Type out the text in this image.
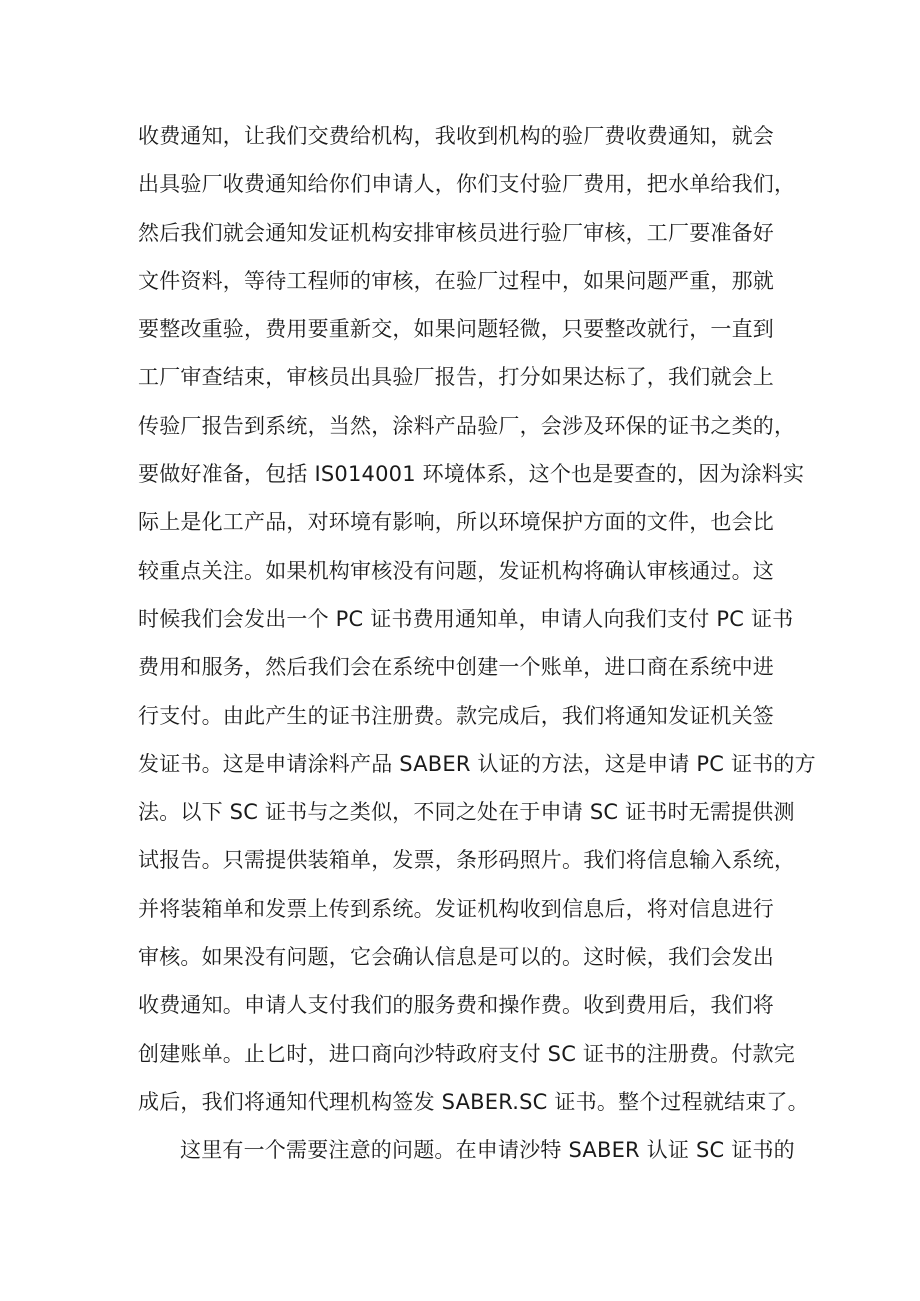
收费通知，让我们交费给机构，我收到机构的验厂费收费通知，就会
出具验厂收费通知给你们申请人，你们支付验厂费用，把水单给我们，
然后我们就会通知发证机构安排审核员进行验厂审核，工厂要准备好
文件资料，等待工程师的审核，在验厂过程中，如果问题严重，那就
要整改重验，费用要重新交，如果问题轻微，只要整改就行，一直到
工厂审查结束，审核员出具验厂报告，打分如果达标了，我们就会上
传验厂报告到系统，当然，涂料产品验厂，会涉及环保的证书之类的，
要做好准备，包括 IS014001 环境体系，这个也是要查的，因为涂料实
际上是化工产品，对环境有影响，所以环境保护方面的文件，也会比
较重点关注。如果机构审核没有问题，发证机构将确认审核通过。这
时候我们会发出一个 PC 证书费用通知单，申请人向我们支付 PC 证书
费用和服务，然后我们会在系统中创建一个账单，进口商在系统中进
行支付。由此产生的证书注册费。款完成后，我们将通知发证机关签
发证书。这是申请涂料产品 SABER 认证的方法，这是申请 PC 证书的方
法。以下 SC 证书与之类似，不同之处在于申请 SC 证书时无需提供测
试报告。只需提供装箱单，发票，条形码照片。我们将信息输入系统，
并将装箱单和发票上传到系统。发证机构收到信息后，将对信息进行
审核。如果没有问题，它会确认信息是可以的。这时候，我们会发出
收费通知。申请人支付我们的服务费和操作费。收到费用后，我们将
创建账单。止匕时，进口商向沙特政府支付 SC 证书的注册费。付款完
成后，我们将通知代理机构签发 SABER.SC 证书。整个过程就结束了。
这里有一个需要注意的问题。在申请沙特 SABER 认证 SC 证书的
